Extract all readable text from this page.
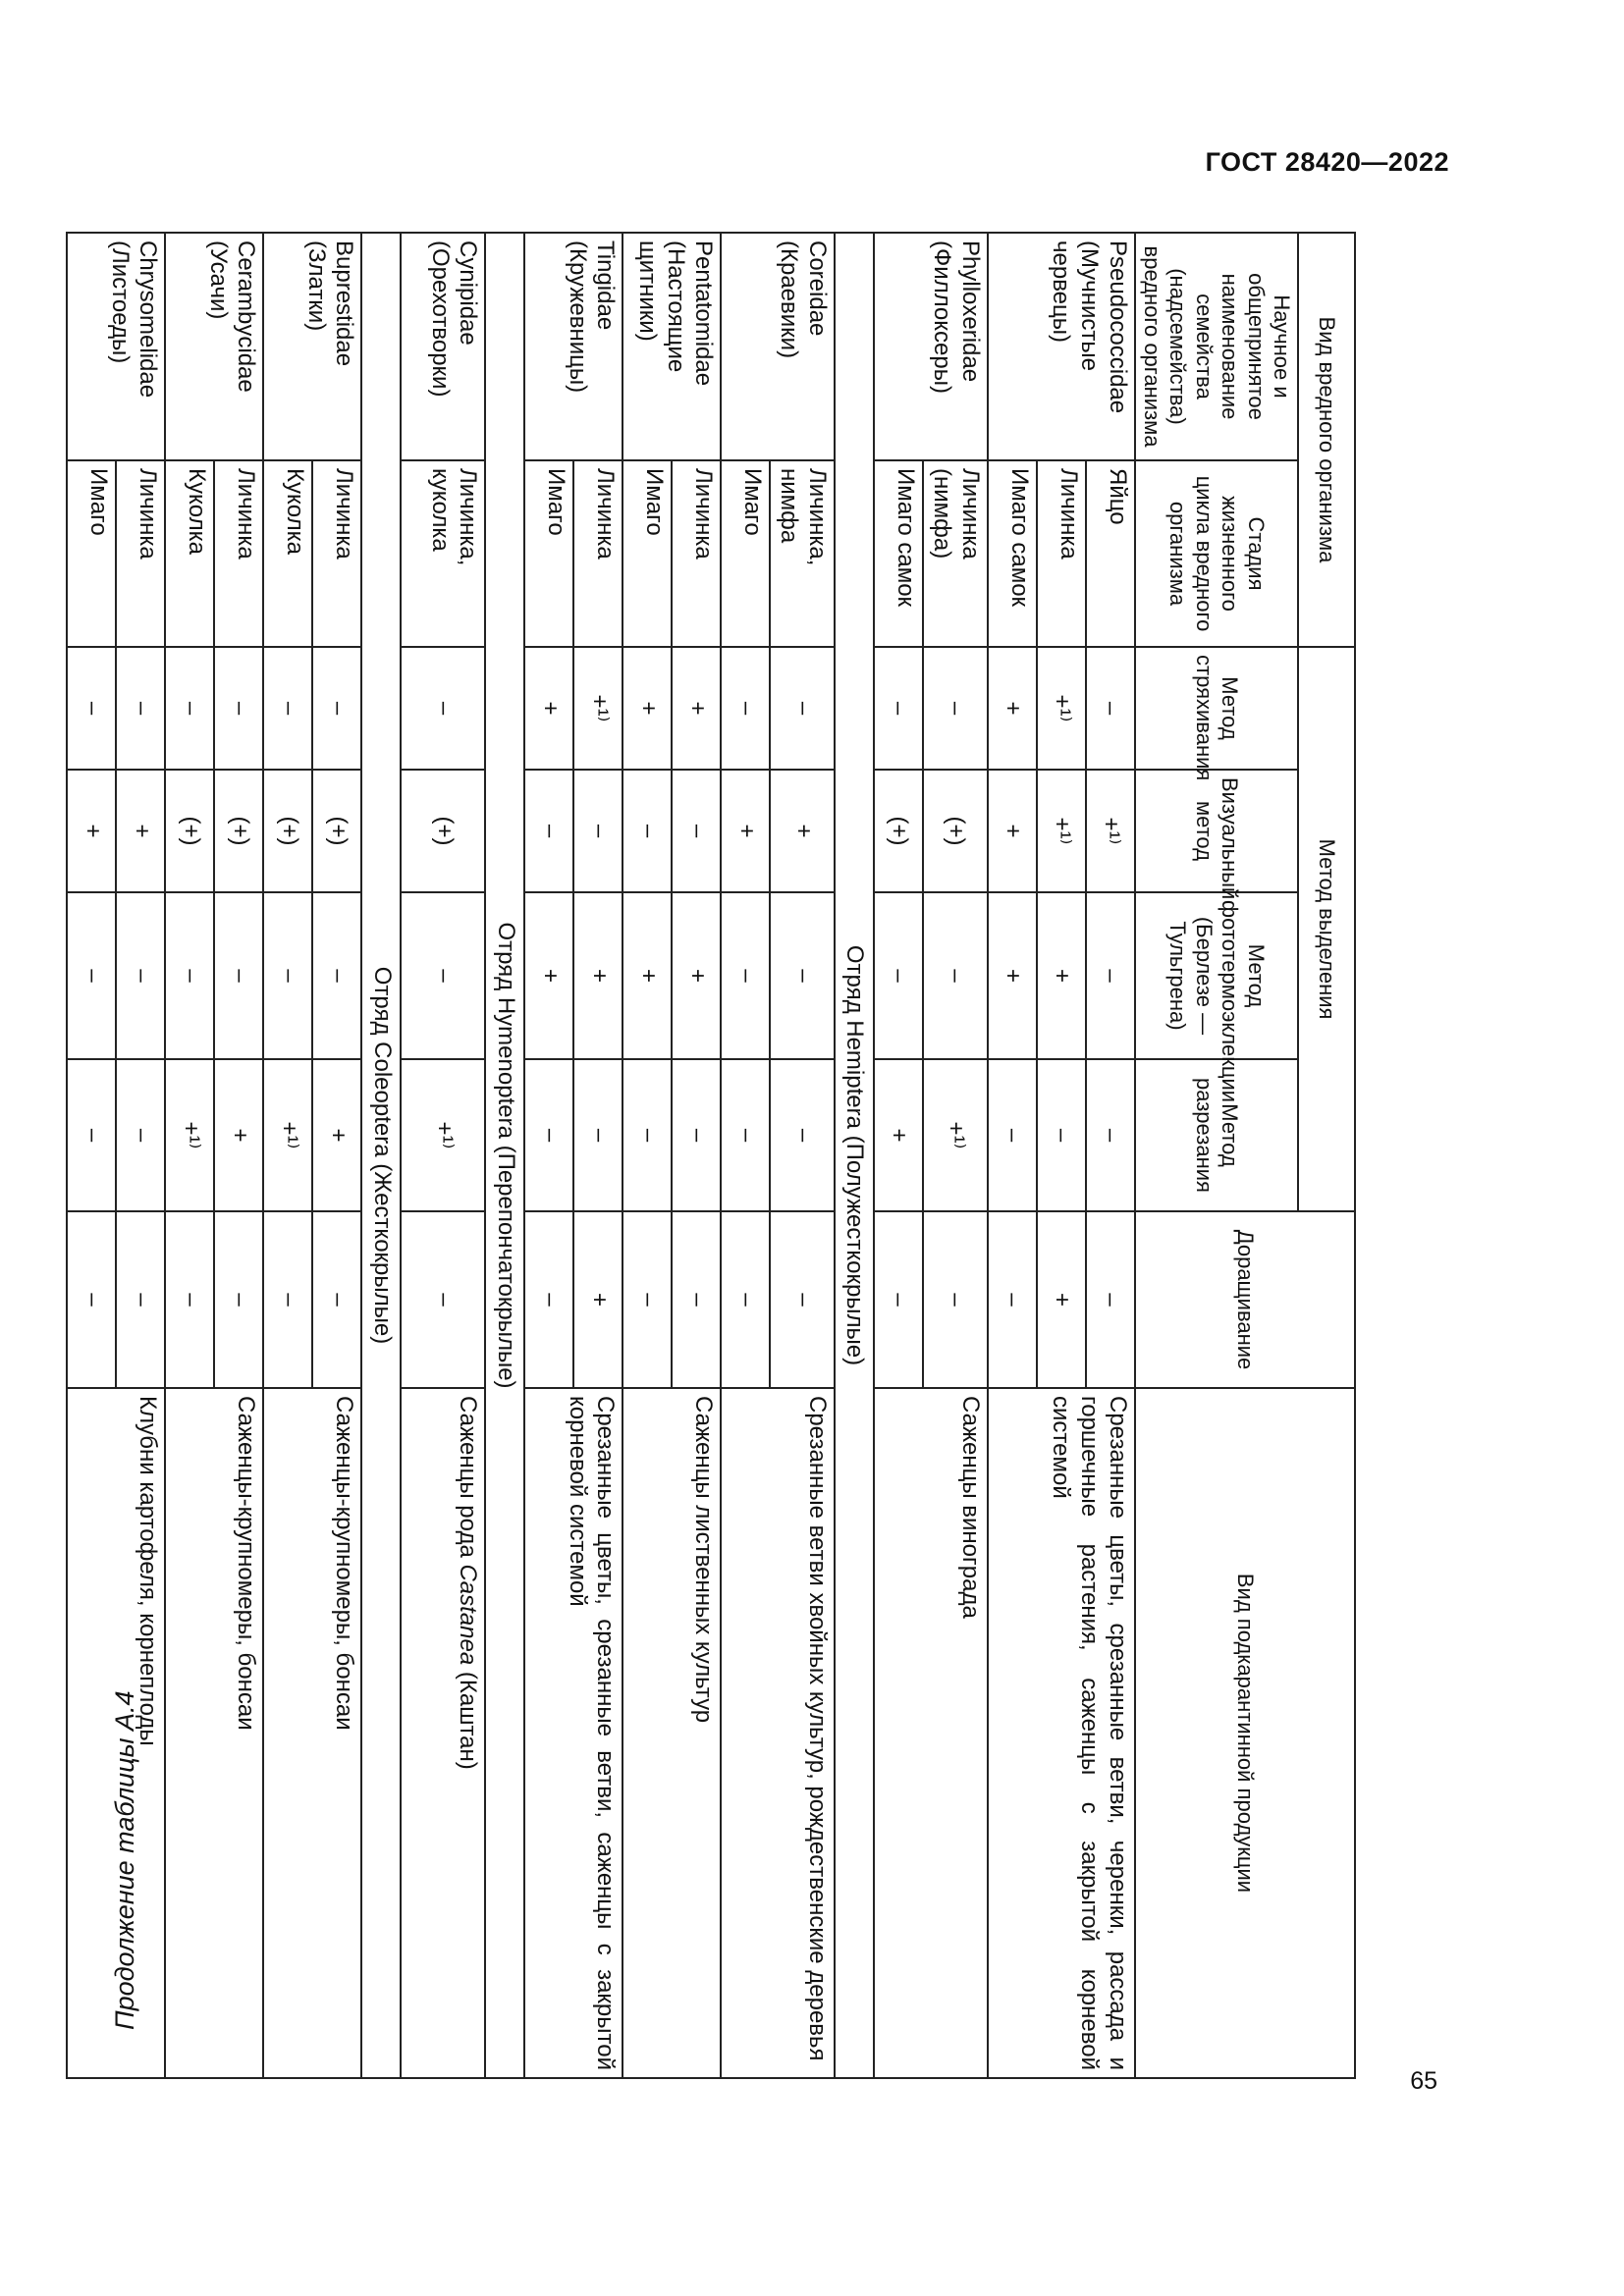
ГОСТ 28420—2022
Продолжение таблицы А.4
65
Вид вредного организма		Метод выделения				Доращивание	Вид подкарантинной продукции
Научное и общепринятое наименование семейства (надсемейства) вредного организма	Стадия жизненного цикла вредного организма	Метод стряхивания	Визуальный метод	Метод фототермоэклекции (Берлезе — Тульгрена)	Метод разрезания		
Pseudococcidae (Мучнистые червецы)	Яйцо	–	+¹⁾	–	–	–	Срезанные цветы, срезанные ветви, черенки, рассада и горшечные растения, саженцы с закрытой корневой системой
	Личинка	+¹⁾	+¹⁾	+	–	+	
	Имаго самок	+	+	+	–	–	
Phylloxeridae (Филлоксеры)	Личинка (нимфа)	–	(+)	–	+¹⁾	–	Саженцы винограда
	Имаго самок	–	(+)	–	+	–	
Отряд Hemiptera (Полужесткокрылые)							
Coreidae (Краевики)	Личинка, нимфа	–	+	–	–	–	Срезанные ветви хвойных культур, рождественские деревья
	Имаго	–	+	–	–	–	
Pentatomidae (Настоящие щитники)	Личинка	+	–	+	–	–	Саженцы лиственных культур
	Имаго	+	–	+	–	–	
Tingidae (Кружевницы)	Личинка	+¹⁾	–	+	–	+	Срезанные цветы, срезанные ветви, саженцы с закрытой корневой системой
	Имаго	+	–	+	–	–	
Отряд Hymenoptera (Перепончатокрылые)							
Cynipidae (Орехотворки)	Личинка, куколка	–	(+)	–	+¹⁾	–	Саженцы рода Castanea (Каштан)
Отряд Coleoptera (Жесткокрылые)							
Buprestidae (Златки)	Личинка	–	(+)	–	+	–	Саженцы-крупномеры, бонсаи
	Куколка	–	(+)	–	+¹⁾	–	
Cerambycidae (Усачи)	Личинка	–	(+)	–	+	–	Саженцы-крупномеры, бонсаи
	Куколка	–	(+)	–	+¹⁾	–	
Chrysomelidae (Листоеды)	Личинка	–	+	–	–	–	Клубни картофеля, корнеплоды
	Имаго	–	+	–	–	–	
